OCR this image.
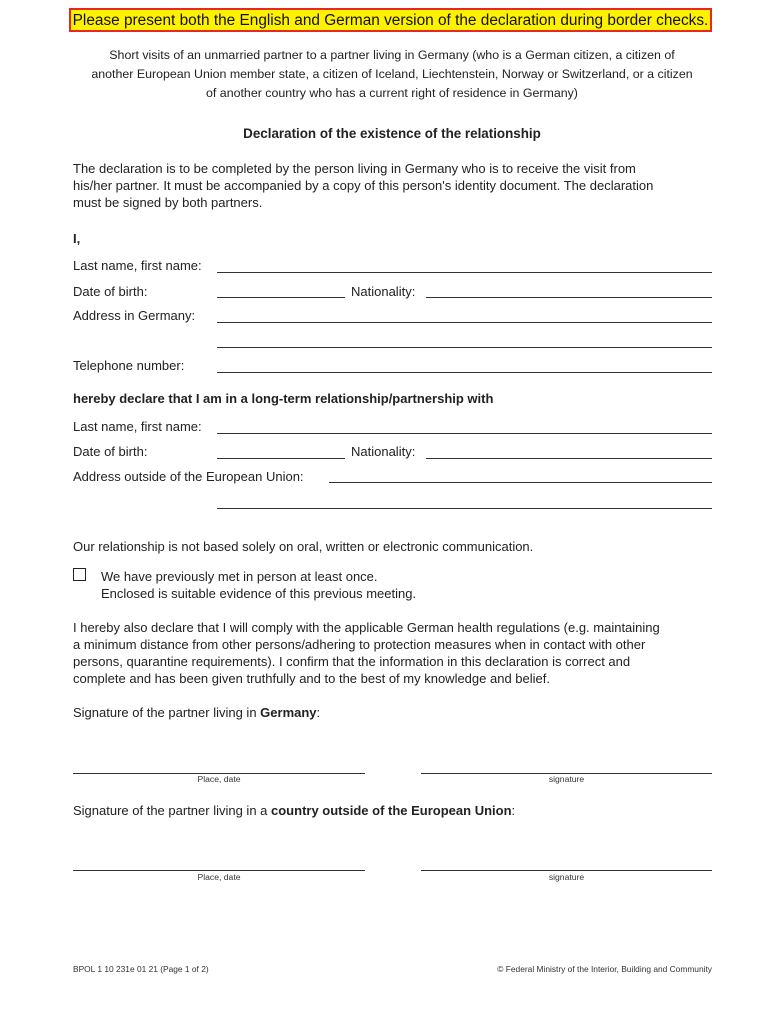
Please present both the English and German version of the declaration during border checks.
Short visits of an unmarried partner to a partner living in Germany (who is a German citizen, a citizen of
another European Union member state, a citizen of Iceland, Liechtenstein, Norway or Switzerland, or a citizen
of another country who has a current right of residence in Germany)
Declaration of the existence of the relationship
The declaration is to be completed by the person living in Germany who is to receive the visit from
his/her partner. It must be accompanied by a copy of this person's identity document. The declaration
must be signed by both partners.
I,
Last name, first name:
Date of birth:	Nationality:
Address in Germany:
Telephone number:
hereby declare that I am in a long-term relationship/partnership with
Last name, first name:
Date of birth:	Nationality:
Address outside of the European Union:
Our relationship is not based solely on oral, written or electronic communication.
We have previously met in person at least once.
Enclosed is suitable evidence of this previous meeting.
I hereby also declare that I will comply with the applicable German health regulations (e.g. maintaining
a minimum distance from other persons/adhering to protection measures when in contact with other
persons, quarantine requirements). I confirm that the information in this declaration is correct and
complete and has been given truthfully and to the best of my knowledge and belief.
Signature of the partner living in Germany:
Place, date	signature
Signature of the partner living in a country outside of the European Union:
Place, date	signature
BPOL 1 10 231e 01 21 (Page 1 of 2)	© Federal Ministry of the Interior, Building and Community
